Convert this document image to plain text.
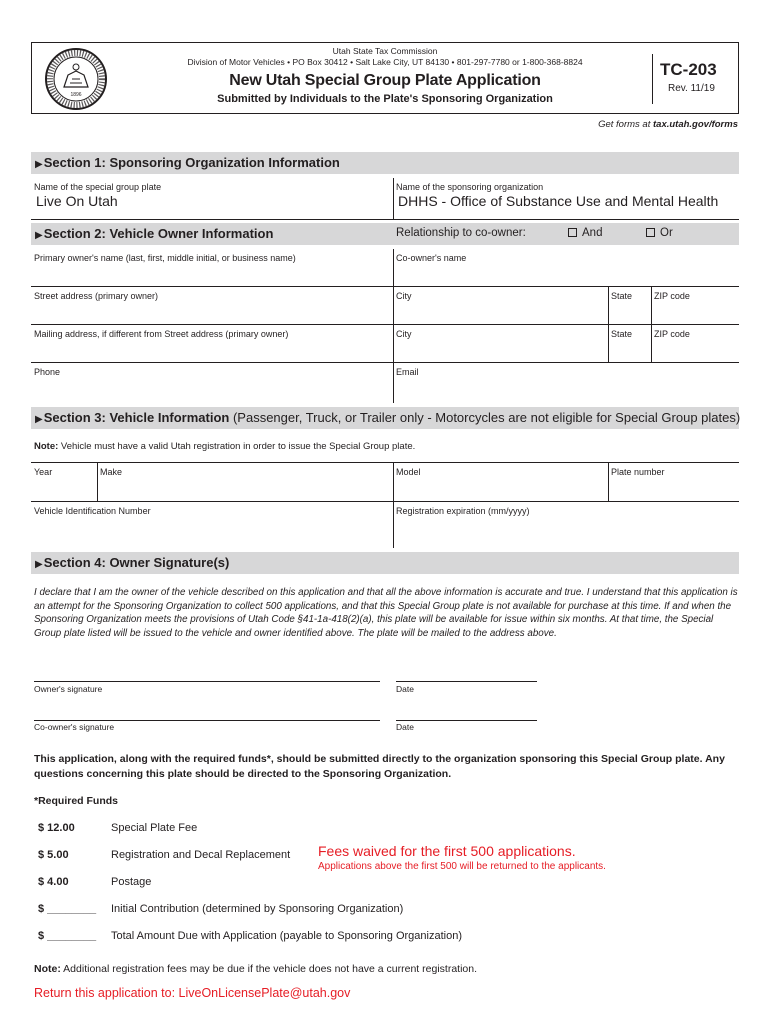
1896
Utah State Tax Commission
Division of Motor Vehicles • PO Box 30412 • Salt Lake City, UT 84130 • 801-297-7780 or 1-800-368-8824
New Utah Special Group Plate Application
Submitted by Individuals to the Plate's Sponsoring Organization
TC-203
Rev. 11/19
Get forms at tax.utah.gov/forms
▶Section 1: Sponsoring Organization Information
Name of the special group plate
Live On Utah
Name of the sponsoring organization
DHHS - Office of Substance Use and Mental Health
▶Section 2: Vehicle Owner Information	Relationship to co-owner:	And	Or
Primary owner's name (last, first, middle initial, or business name)	Co-owner's name
Street address (primary owner)	City	State ZIP code
Mailing address, if different from Street address (primary owner)	City	State ZIP code
Phone	Email
▶Section 3: Vehicle Information (Passenger, Truck, or Trailer only - Motorcycles are not eligible for Special Group plates)
Note: Vehicle must have a valid Utah registration in order to issue the Special Group plate.
Year	Make	Model	Plate number
Vehicle Identification Number	Registration expiration (mm/yyyy)
▶Section 4: Owner Signature(s)
I declare that I am the owner of the vehicle described on this application and that all the above information is accurate and true. I understand that this application is an attempt for the Sponsoring Organization to collect 500 applications, and that this Special Group plate is not available for purchase at this time. If and when the Sponsoring Organization meets the provisions of Utah Code §41-1a-418(2)(a), this plate will be available for issue within six months. At that time, the Special Group plate listed will be issued to the vehicle and owner identified above. The plate will be mailed to the address above.
Owner's signature	Date
Co-owner's signature	Date
This application, along with the required funds*, should be submitted directly to the organization sponsoring this Special Group plate. Any questions concerning this plate should be directed to the Sponsoring Organization.
*Required Funds
$ 12.00	Special Plate Fee
$ 5.00	Registration and Decal Replacement
$ 4.00	Postage
$ ________ Initial Contribution (determined by Sponsoring Organization)
$ ________ Total Amount Due with Application (payable to Sponsoring Organization)
Fees waived for the first 500 applications.
Applications above the first 500 will be returned to the applicants.
Note: Additional registration fees may be due if the vehicle does not have a current registration.
Return this application to: LiveOnLicensePlate@utah.gov
